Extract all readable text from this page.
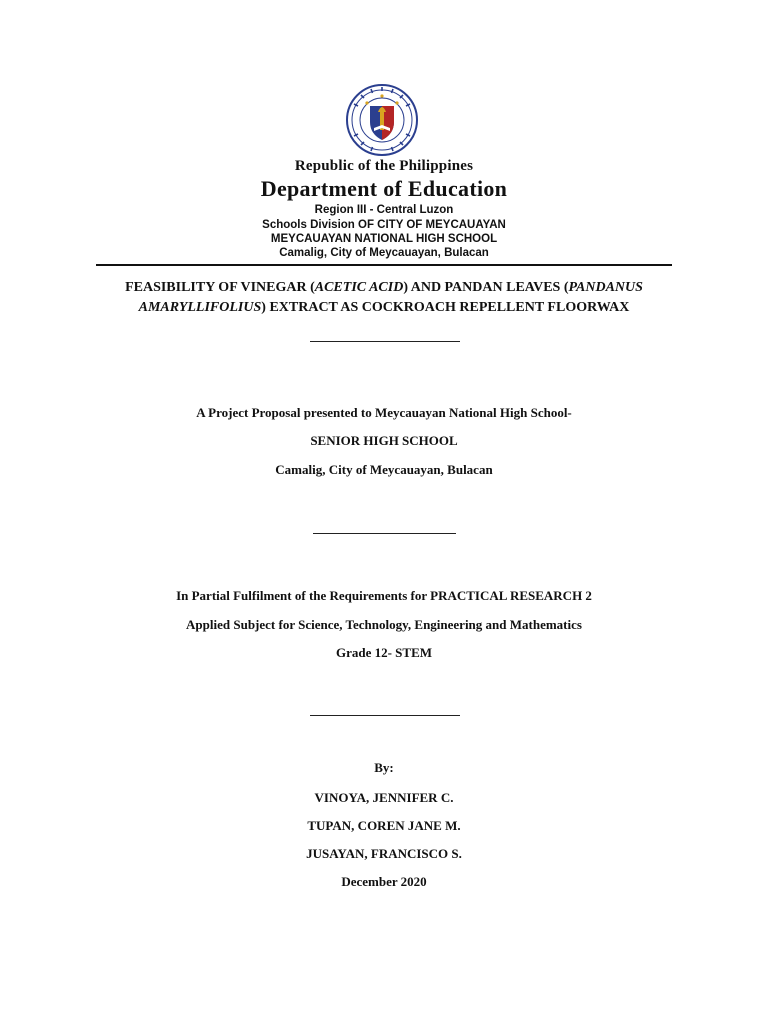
Republic of the Philippines
Department of Education
Region III - Central Luzon
Schools Division OF CITY OF MEYCAUAYAN
MEYCAUAYAN NATIONAL HIGH SCHOOL
Camalig, City of Meycauayan, Bulacan
FEASIBILITY OF VINEGAR (ACETIC ACID) AND PANDAN LEAVES (PANDANUS
AMARYLLIFOLIUS) EXTRACT AS COCKROACH REPELLENT FLOORWAX
A Project Proposal presented to Meycauayan National High School-
SENIOR HIGH SCHOOL
Camalig, City of Meycauayan, Bulacan
In Partial Fulfilment of the Requirements for PRACTICAL RESEARCH 2
Applied Subject for Science, Technology, Engineering and Mathematics
Grade 12- STEM
By:
VINOYA, JENNIFER C.
TUPAN, COREN JANE M.
JUSAYAN, FRANCISCO S.
December 2020
